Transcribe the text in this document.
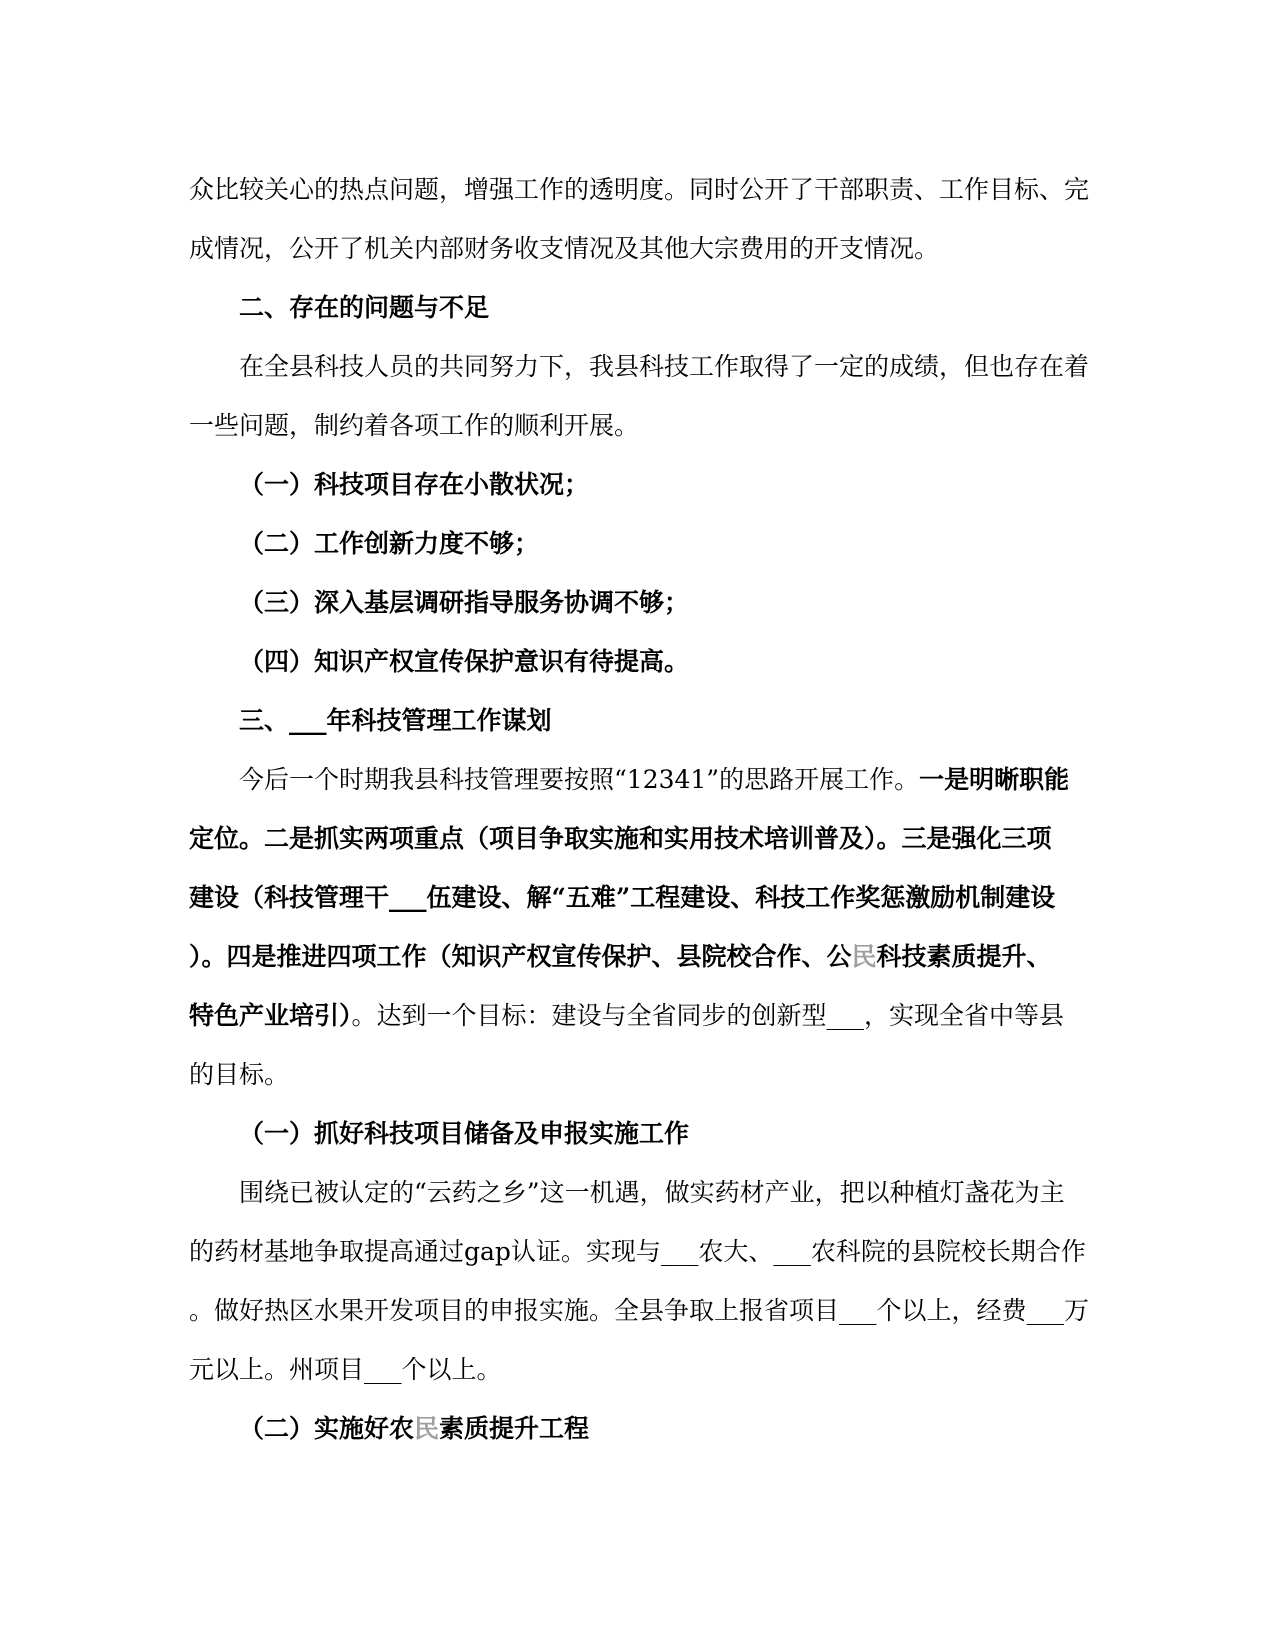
众比较关心的热点问题，增强工作的透明度。同时公开了干部职责、工作目标、完
成情况，公开了机关内部财务收支情况及其他大宗费用的开支情况。
二、存在的问题与不足
在全县科技人员的共同努力下，我县科技工作取得了一定的成绩，但也存在着
一些问题，制约着各项工作的顺利开展。
（一）科技项目存在小散状况；
（二）工作创新力度不够；
（三）深入基层调研指导服务协调不够；
（四）知识产权宣传保护意识有待提高。
三、___年科技管理工作谋划
今后一个时期我县科技管理要按照“12341”的思路开展工作。一是明晰职能
定位。二是抓实两项重点（项目争取实施和实用技术培训普及）。三是强化三项
建设（科技管理干___伍建设、解“五难”工程建设、科技工作奖惩激励机制建设
）。四是推进四项工作（知识产权宣传保护、县院校合作、公民科技素质提升、
特色产业培引）。达到一个目标：建设与全省同步的创新型___，实现全省中等县
的目标。
（一）抓好科技项目储备及申报实施工作
围绕已被认定的“云药之乡”这一机遇，做实药材产业，把以种植灯盏花为主
的药材基地争取提高通过gap认证。实现与___农大、___农科院的县院校长期合作
。做好热区水果开发项目的申报实施。全县争取上报省项目___个以上，经费___万
元以上。州项目___个以上。
（二）实施好农民素质提升工程
